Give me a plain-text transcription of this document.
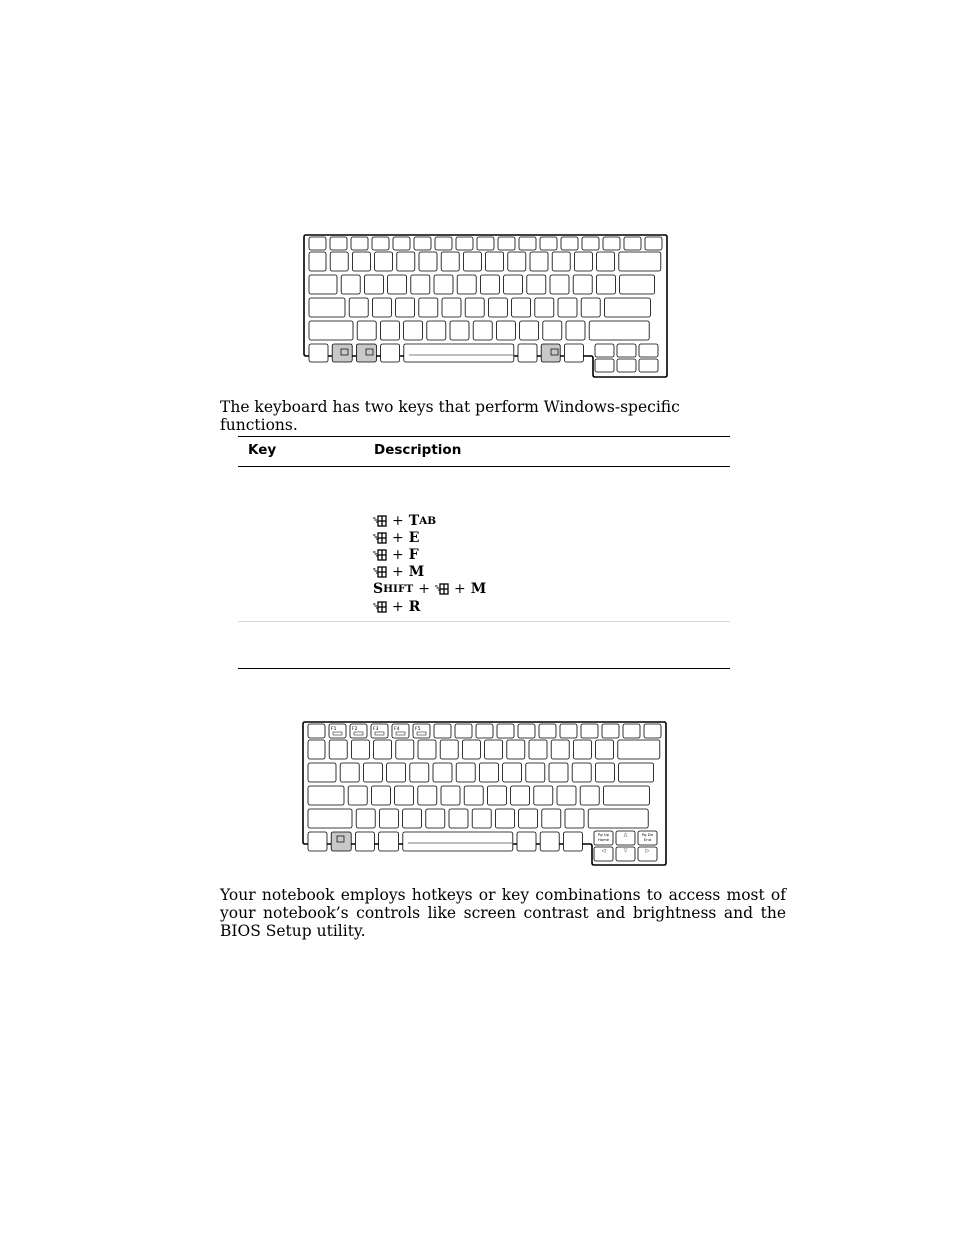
The keyboard has two keys that perform Windows-specific functions.
Key	Description
+ T AB
+ E
+ F
+ M
S HIFT + + M
+ R
F1	F2	F3	F4	F5
Pg Up
Home
△	Pg Dn
End
◁	▽	▷
Your notebook employs hotkeys or key combinations to access most of your notebook’s controls like screen contrast and brightness and the BIOS Setup utility.
